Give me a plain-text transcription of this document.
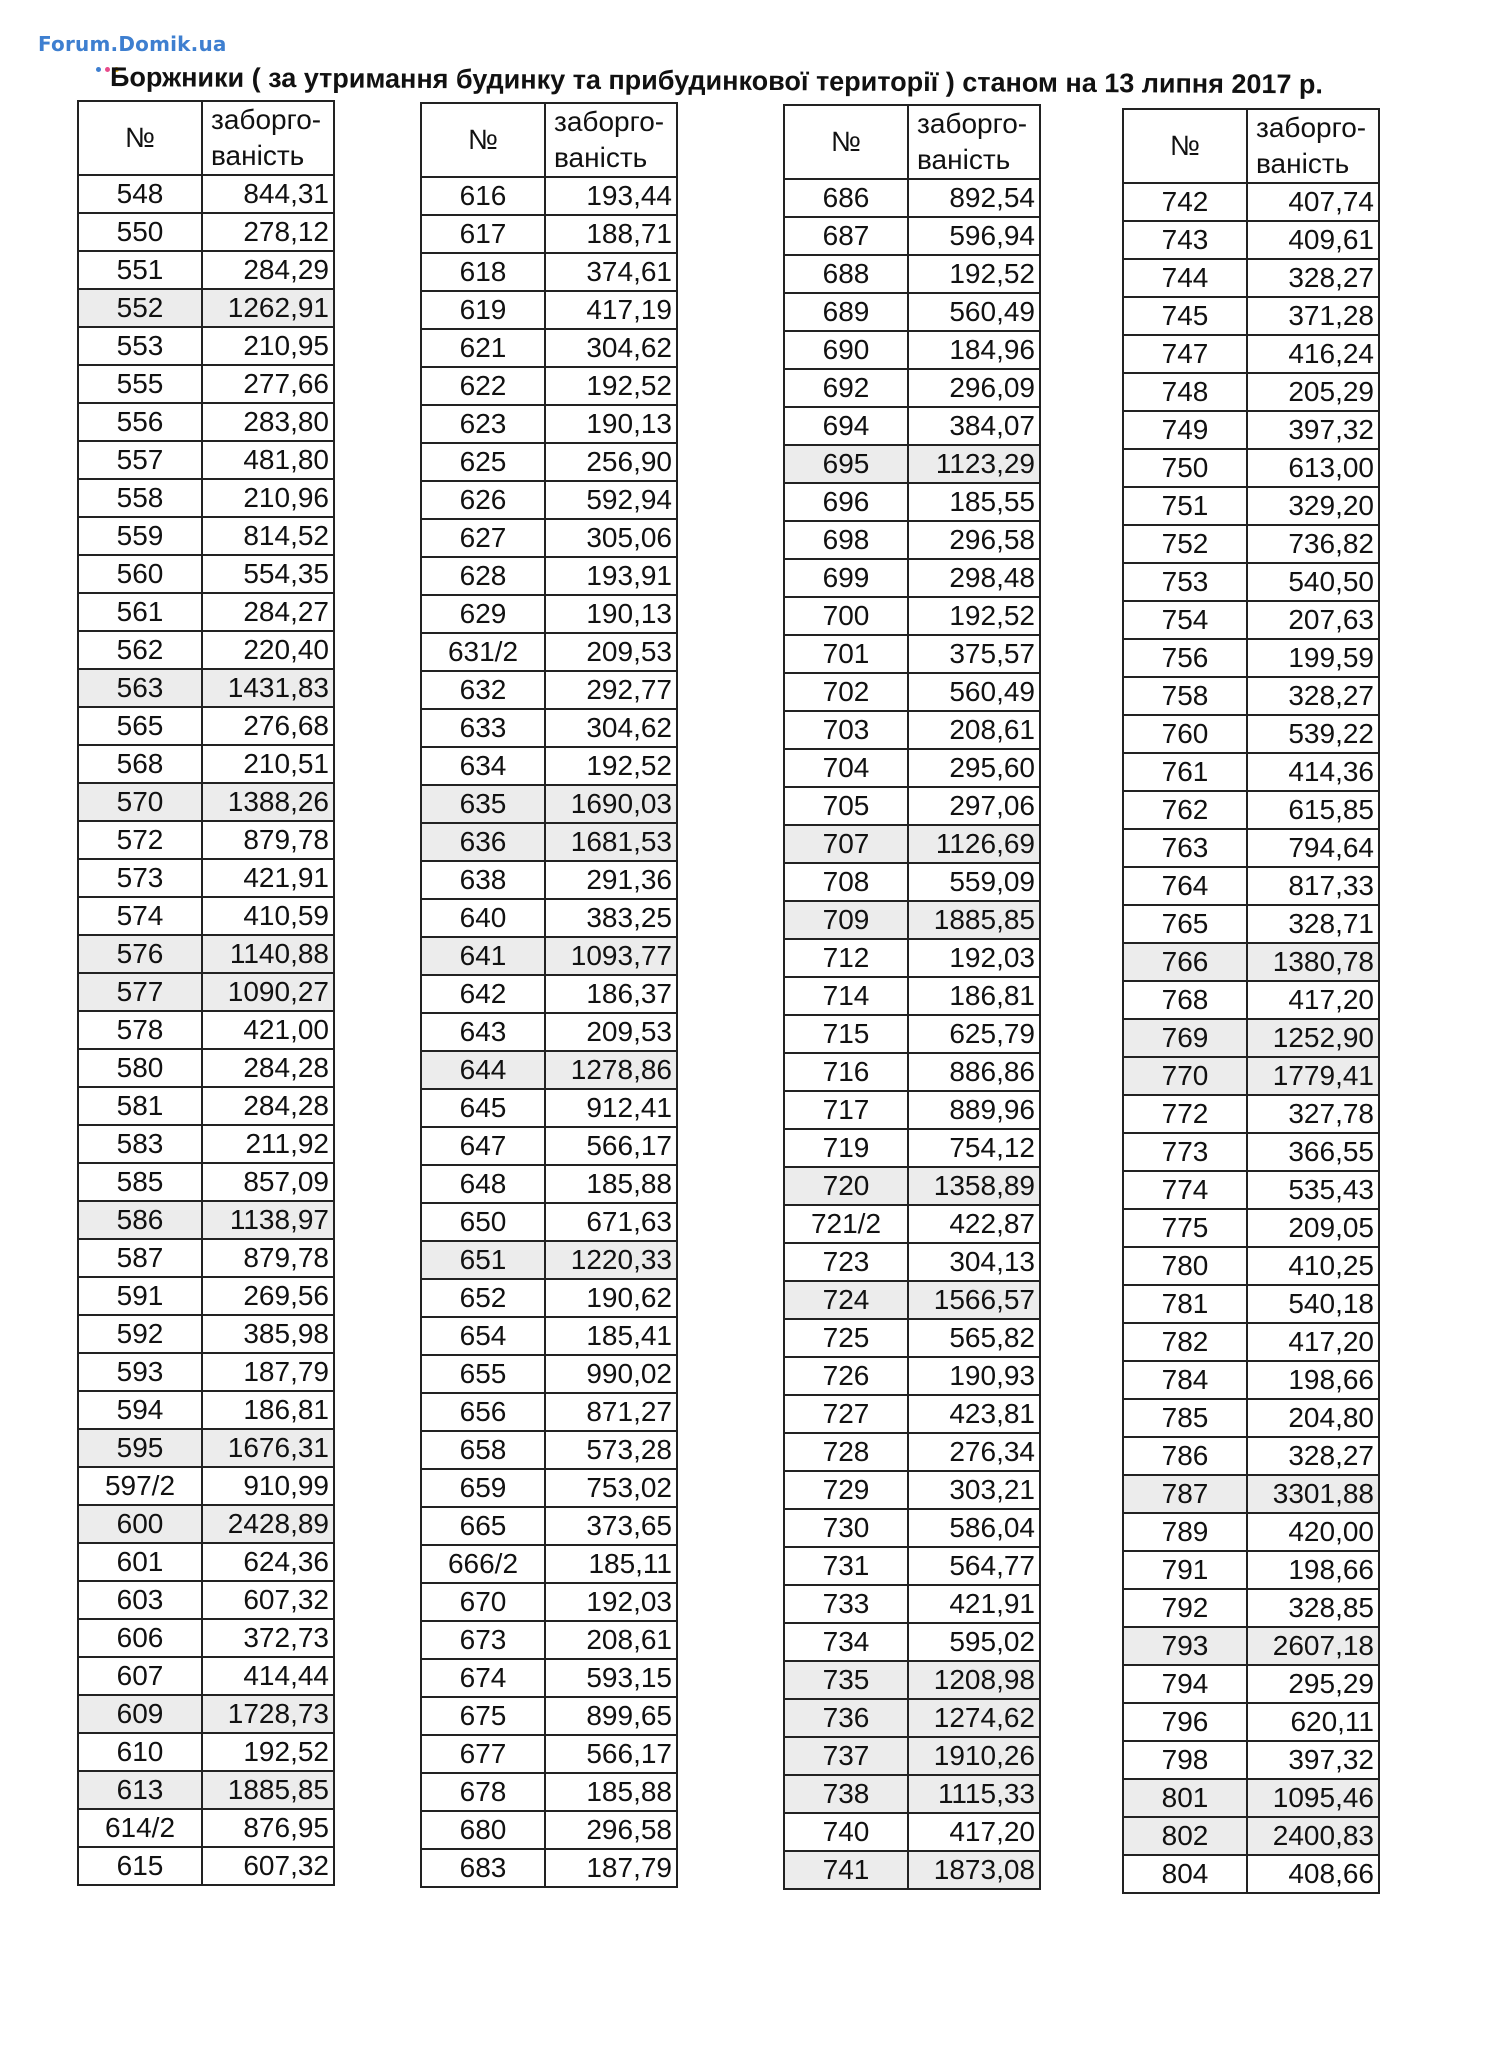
Forum.Domik.ua
Боржники ( за утримання будинку та прибудинкової території ) станом на 13 липня 2017 р.
№	заборго-
ваність

548	844,31
550	278,12
551	284,29
552	1262,91
553	210,95
555	277,66
556	283,80
557	481,80
558	210,96
559	814,52
560	554,35
561	284,27
562	220,40
563	1431,83
565	276,68
568	210,51
570	1388,26
572	879,78
573	421,91
574	410,59
576	1140,88
577	1090,27
578	421,00
580	284,28
581	284,28
583	211,92
585	857,09
586	1138,97
587	879,78
591	269,56
592	385,98
593	187,79
594	186,81
595	1676,31
597/2	910,99
600	2428,89
601	624,36
603	607,32
606	372,73
607	414,44
609	1728,73
610	192,52
613	1885,85
614/2	876,95
615	607,32
№	заборго-
ваність

616	193,44
617	188,71
618	374,61
619	417,19
621	304,62
622	192,52
623	190,13
625	256,90
626	592,94
627	305,06
628	193,91
629	190,13
631/2	209,53
632	292,77
633	304,62
634	192,52
635	1690,03
636	1681,53
638	291,36
640	383,25
641	1093,77
642	186,37
643	209,53
644	1278,86
645	912,41
647	566,17
648	185,88
650	671,63
651	1220,33
652	190,62
654	185,41
655	990,02
656	871,27
658	573,28
659	753,02
665	373,65
666/2	185,11
670	192,03
673	208,61
674	593,15
675	899,65
677	566,17
678	185,88
680	296,58
683	187,79
№	заборго-
ваність

686	892,54
687	596,94
688	192,52
689	560,49
690	184,96
692	296,09
694	384,07
695	1123,29
696	185,55
698	296,58
699	298,48
700	192,52
701	375,57
702	560,49
703	208,61
704	295,60
705	297,06
707	1126,69
708	559,09
709	1885,85
712	192,03
714	186,81
715	625,79
716	886,86
717	889,96
719	754,12
720	1358,89
721/2	422,87
723	304,13
724	1566,57
725	565,82
726	190,93
727	423,81
728	276,34
729	303,21
730	586,04
731	564,77
733	421,91
734	595,02
735	1208,98
736	1274,62
737	1910,26
738	1115,33
740	417,20
741	1873,08
№	заборго-
ваність

742	407,74
743	409,61
744	328,27
745	371,28
747	416,24
748	205,29
749	397,32
750	613,00
751	329,20
752	736,82
753	540,50
754	207,63
756	199,59
758	328,27
760	539,22
761	414,36
762	615,85
763	794,64
764	817,33
765	328,71
766	1380,78
768	417,20
769	1252,90
770	1779,41
772	327,78
773	366,55
774	535,43
775	209,05
780	410,25
781	540,18
782	417,20
784	198,66
785	204,80
786	328,27
787	3301,88
789	420,00
791	198,66
792	328,85
793	2607,18
794	295,29
796	620,11
798	397,32
801	1095,46
802	2400,83
804	408,66
